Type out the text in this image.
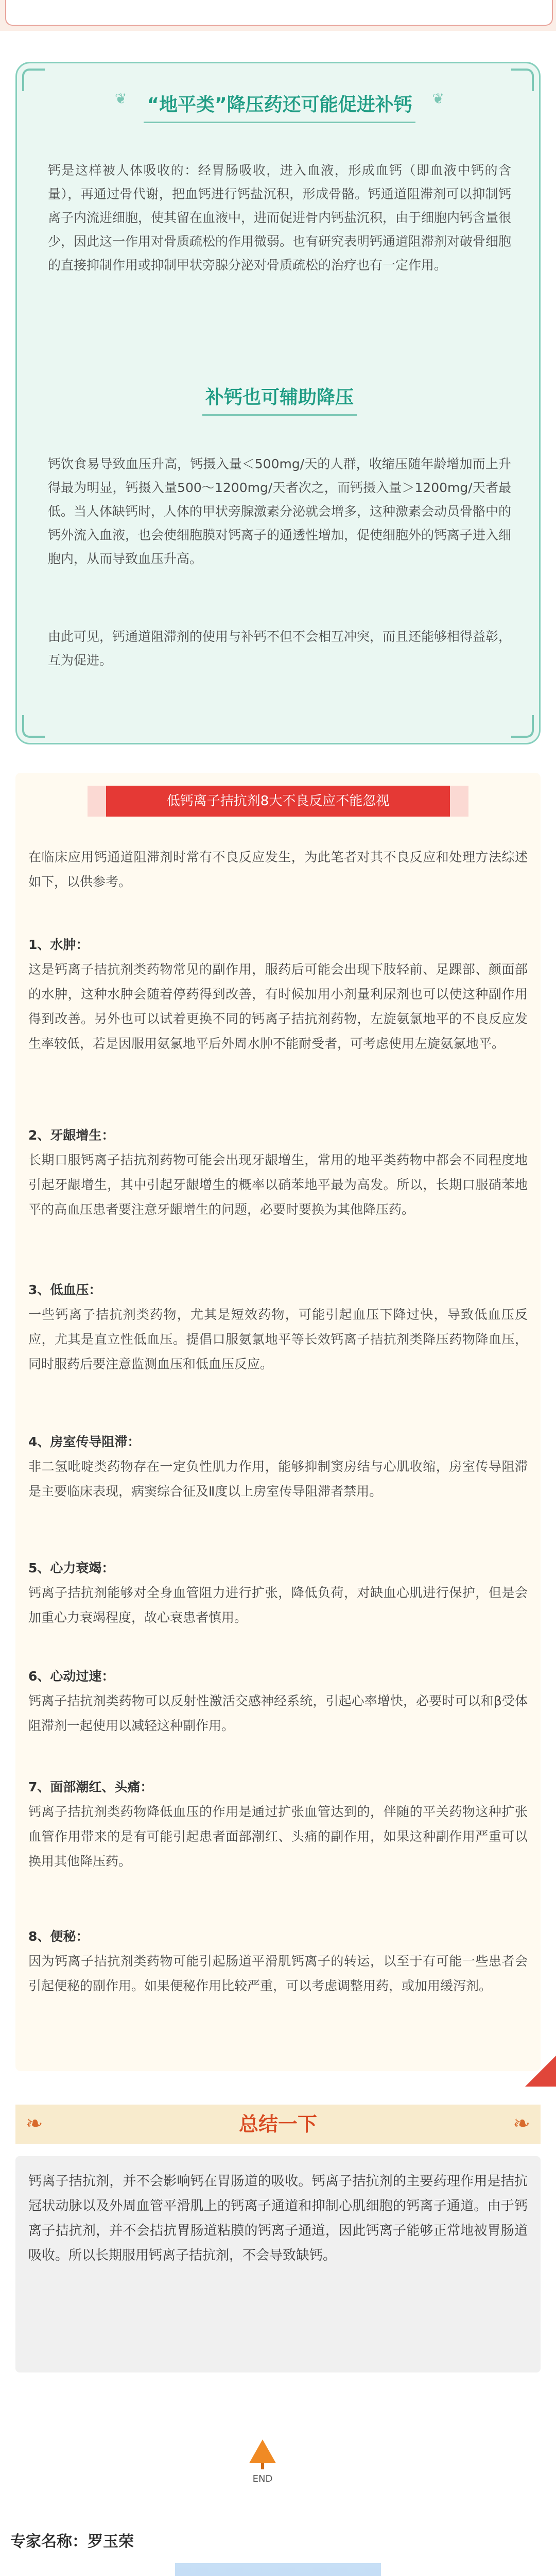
❦ “地平类”降压药还可能促进补钙 ❦
钙是这样被人体吸收的：经胃肠吸收，进入血液，形成血钙（即血液中钙的含量），再通过骨代谢，把血钙进行钙盐沉积，形成骨骼。钙通道阻滞剂可以抑制钙离子内流进细胞，使其留在血液中，进而促进骨内钙盐沉积，由于细胞内钙含量很少，因此这一作用对骨质疏松的作用微弱。也有研究表明钙通道阻滞剂对破骨细胞的直接抑制作用或抑制甲状旁腺分泌对骨质疏松的治疗也有一定作用。
补钙也可辅助降压
钙饮食易导致血压升高，钙摄入量＜500mg/天的人群，收缩压随年龄增加而上升得最为明显，钙摄入量500～1200mg/天者次之，而钙摄入量＞1200mg/天者最低。当人体缺钙时，人体的甲状旁腺激素分泌就会增多，这种激素会动员骨骼中的钙外流入血液，也会使细胞膜对钙离子的通透性增加，促使细胞外的钙离子进入细胞内，从而导致血压升高。
由此可见，钙通道阻滞剂的使用与补钙不但不会相互冲突，而且还能够相得益彰，互为促进。
低钙离子拮抗剂8大不良反应不能忽视
在临床应用钙通道阻滞剂时常有不良反应发生，为此笔者对其不良反应和处理方法综述如下，以供参考。
1、水肿：
这是钙离子拮抗剂类药物常见的副作用，服药后可能会出现下肢轻前、足踝部、颜面部的水肿，这种水肿会随着停药得到改善，有时候加用小剂量利尿剂也可以使这种副作用得到改善。另外也可以试着更换不同的钙离子拮抗剂药物，左旋氨氯地平的不良反应发生率较低，若是因服用氨氯地平后外周水肿不能耐受者，可考虑使用左旋氨氯地平。
2、牙龈增生：
长期口服钙离子拮抗剂药物可能会出现牙龈增生，常用的地平类药物中都会不同程度地引起牙龈增生，其中引起牙龈增生的概率以硝苯地平最为高发。所以，长期口服硝苯地平的高血压患者要注意牙龈增生的问题，必要时要换为其他降压药。
3、低血压：
一些钙离子拮抗剂类药物，尤其是短效药物，可能引起血压下降过快，导致低血压反应，尤其是直立性低血压。提倡口服氨氯地平等长效钙离子拮抗剂类降压药物降血压，同时服药后要注意监测血压和低血压反应。
4、房室传导阻滞：
非二氢吡啶类药物存在一定负性肌力作用，能够抑制窦房结与心肌收缩，房室传导阻滞是主要临床表现，病窦综合征及Ⅱ度以上房室传导阻滞者禁用。
5、心力衰竭：
钙离子拮抗剂能够对全身血管阻力进行扩张，降低负荷，对缺血心肌进行保护，但是会加重心力衰竭程度，故心衰患者慎用。
6、心动过速：
钙离子拮抗剂类药物可以反射性激活交感神经系统，引起心率增快，必要时可以和β受体阻滞剂一起使用以减轻这种副作用。
7、面部潮红、头痛：
钙离子拮抗剂类药物降低血压的作用是通过扩张血管达到的，伴随的平关药物这种扩张血管作用带来的是有可能引起患者面部潮红、头痛的副作用，如果这种副作用严重可以换用其他降压药。
8、便秘：
因为钙离子拮抗剂类药物可能引起肠道平滑肌钙离子的转运，以至于有可能一些患者会引起便秘的副作用。如果便秘作用比较严重，可以考虑调整用药，或加用缓泻剂。
❧	总结一下	❧
钙离子拮抗剂，并不会影响钙在胃肠道的吸收。钙离子拮抗剂的主要药理作用是拮抗冠状动脉以及外周血管平滑肌上的钙离子通道和抑制心肌细胞的钙离子通道。由于钙离子拮抗剂，并不会拮抗胃肠道粘膜的钙离子通道，因此钙离子能够正常地被胃肠道吸收。所以长期服用钙离子拮抗剂，不会导致缺钙。
END
专家名称：罗玉荣
